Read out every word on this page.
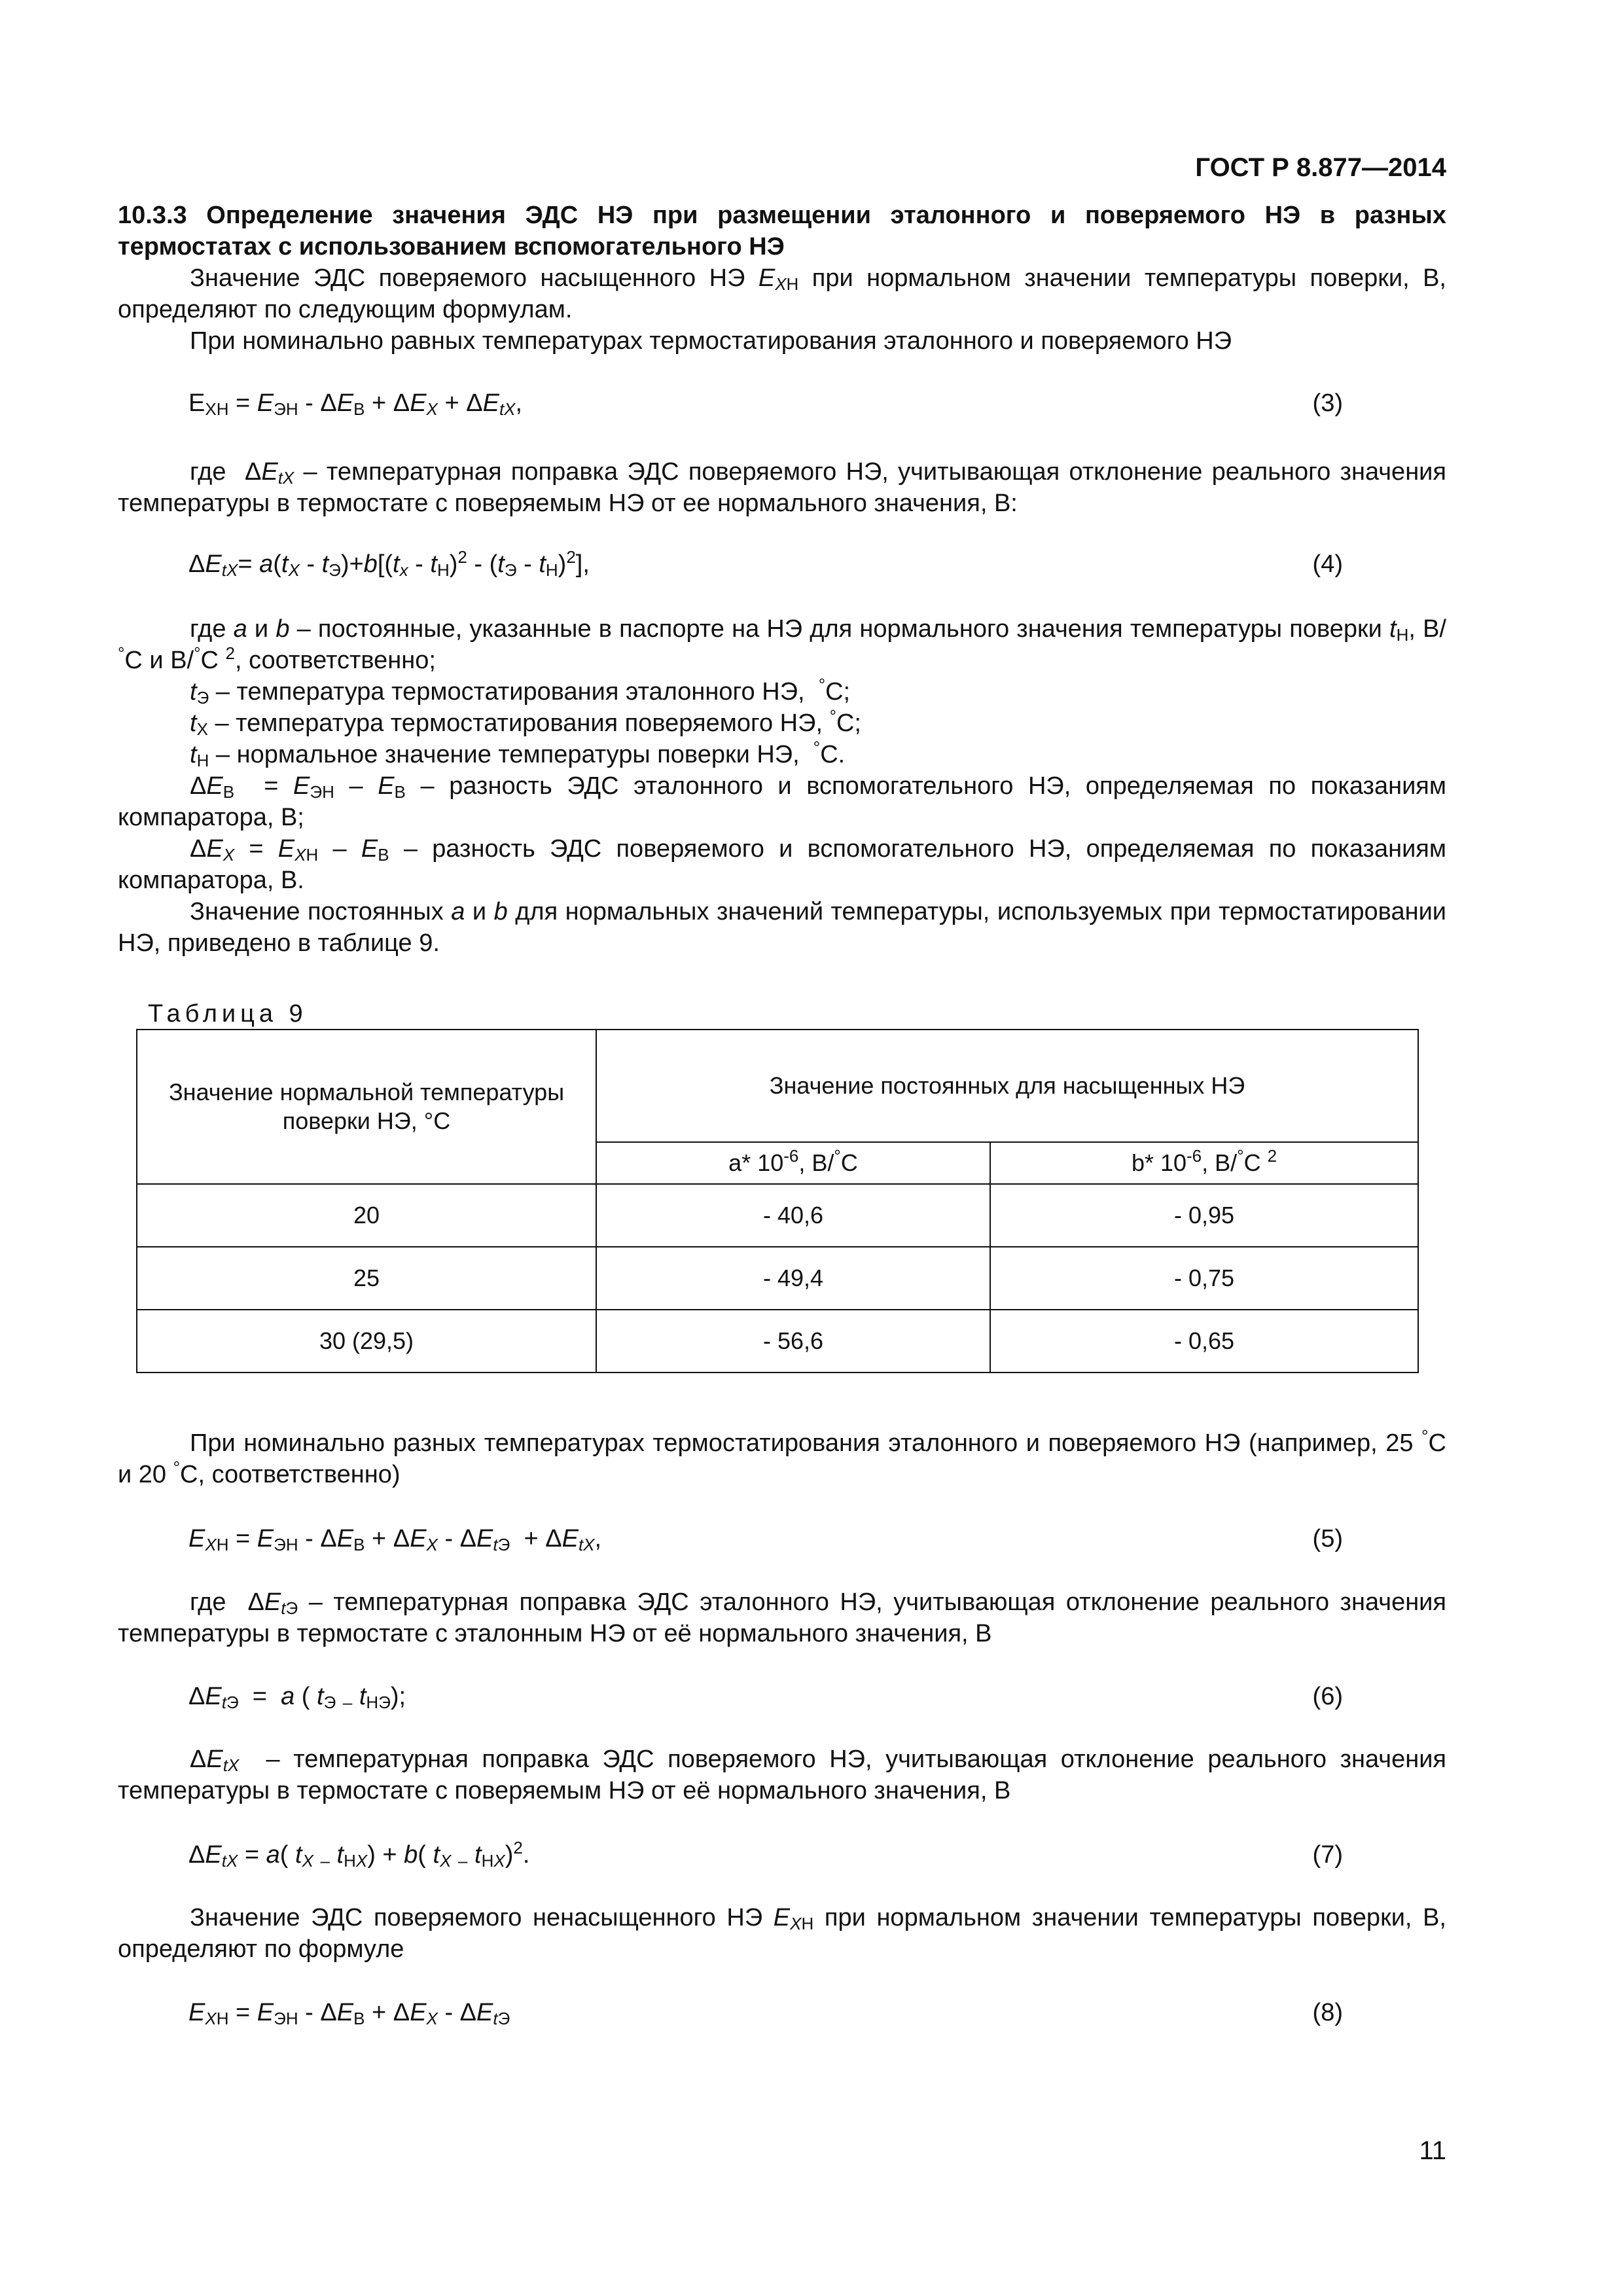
ГОСТ Р 8.877—2014
10.3.3 Определение значения ЭДС НЭ при размещении эталонного и поверяемого НЭ в разных термостатах с использованием вспомогательного НЭ
Значение ЭДС поверяемого насыщенного НЭ $E_{XН}$ при нормальном значении температуры поверки, В, определяют по следующим формулам.
При номинально равных температурах термостатирования эталонного и поверяемого НЭ
$E_{XН} = E_{ЭН} - \Delta E_В + \Delta E_X + \Delta E_{tX}$,	(3)
где  $\Delta E_{tX}$ – температурная поправка ЭДС поверяемого НЭ, учитывающая отклонение реального значения температуры в термостате с поверяемым НЭ от ее нормального значения, В:
$\Delta E_{tX}= a(t_X - t_Э)+b[(t_x - t_Н)^2 - (t_Э - t_Н)^2]$,	(4)
где a и b – постоянные, указанные в паспорте на НЭ для нормального значения температуры поверки $t_Н$, В/°С и В/°С $^2$, соответственно;
$t_Э$ – температура термостатирования эталонного НЭ,  °С;
$t_X$ – температура термостатирования поверяемого НЭ, °С;
$t_Н$ – нормальное значение температуры поверки НЭ,  °С.
$\Delta E_В = E_{ЭН} - E_В$ – разность ЭДС эталонного и вспомогательного НЭ, определяемая по показаниям компаратора, В;
$\Delta E_X = E_{XН} - E_В$ – разность ЭДС поверяемого и вспомогательного НЭ, определяемая по показаниям компаратора, В.
Значение постоянных a и b для нормальных значений температуры, используемых при термостатировании НЭ, приведено в таблице 9.
Таблица 9
Значение нормальной температуры поверки НЭ, °С	Значение постоянных для насыщенных НЭ	
	a* $10^{-6}$, В/°С	b* $10^{-6}$, В/°С $^2$
20	- 40,6	- 0,95
25	- 49,4	- 0,75
30 (29,5)	- 56,6	- 0,65
При номинально разных температурах термостатирования эталонного и поверяемого НЭ (например, 25 °С и 20 °С, соответственно)
$E_{XН} = E_{ЭН} - \Delta E_В + \Delta E_X - \Delta E_{tЭ} + \Delta E_{tX}$,	(5)
где  $\Delta E_{tЭ}$ – температурная поправка ЭДС эталонного НЭ, учитывающая отклонение реального значения температуры в термостате с эталонным НЭ от её нормального значения, В
$\Delta E_{tЭ} = a$ ( $t_Э$ $_-$ $t_{НЭ}$);	(6)
$\Delta E_{tX}$  – температурная поправка ЭДС поверяемого НЭ, учитывающая отклонение реального значения температуры в термостате с поверяемым НЭ от её нормального значения, В
$\Delta E_{tX} = a$( $t_X$ $_-$ $t_{НX}) + b$( $t_X$ $_-$ $t_{НX})^2$.	(7)
Значение ЭДС поверяемого ненасыщенного НЭ $E_{XН}$ при нормальном значении температуры поверки, В, определяют по формуле
$E_{XН} = E_{ЭН} - \Delta E_В + \Delta E_X - \Delta E_{tЭ}$	(8)
11
